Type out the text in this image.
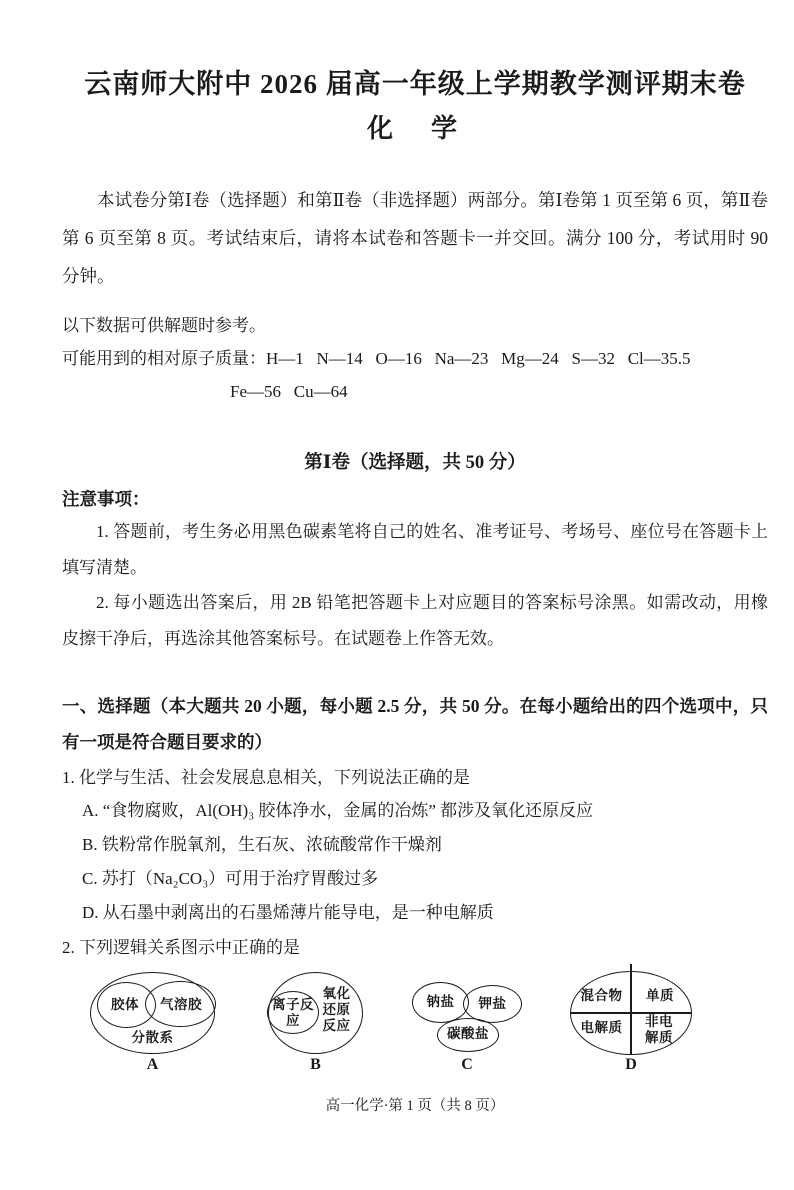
云南师大附中 2026 届高一年级上学期教学测评期末卷
化　学
本试卷分第Ⅰ卷（选择题）和第Ⅱ卷（非选择题）两部分。第Ⅰ卷第 1 页至第 6 页，第Ⅱ卷第 6 页至第 8 页。考试结束后，请将本试卷和答题卡一并交回。满分 100 分，考试用时 90 分钟。
以下数据可供解题时参考。
可能用到的相对原子质量：H—1   N—14   O—16   Na—23   Mg—24   S—32   Cl—35.5
Fe—56   Cu—64
第Ⅰ卷（选择题，共 50 分）
注意事项：
1. 答题前，考生务必用黑色碳素笔将自己的姓名、准考证号、考场号、座位号在答题卡上填写清楚。
2. 每小题选出答案后，用 2B 铅笔把答题卡上对应题目的答案标号涂黑。如需改动，用橡皮擦干净后，再选涂其他答案标号。在试题卷上作答无效。
一、选择题（本大题共 20 小题，每小题 2.5 分，共 50 分。在每小题给出的四个选项中，只有一项是符合题目要求的）
1. 化学与生活、社会发展息息相关，下列说法正确的是
A. “食物腐败，Al(OH)₃ 胶体净水，金属的冶炼” 都涉及氧化还原反应
B. 铁粉常作脱氧剂，生石灰、浓硫酸常作干燥剂
C. 苏打（Na₂CO₃）可用于治疗胃酸过多
D. 从石墨中剥离出的石墨烯薄片能导电，是一种电解质
2. 下列逻辑关系图示中正确的是
胶体	气溶胶
分散系
A
离子反应
氧化还原反应
B
钠盐	钾盐
碳酸盐
C
混合物	单质
电解质	非电解质
D
高一化学·第 1 页（共 8 页）
